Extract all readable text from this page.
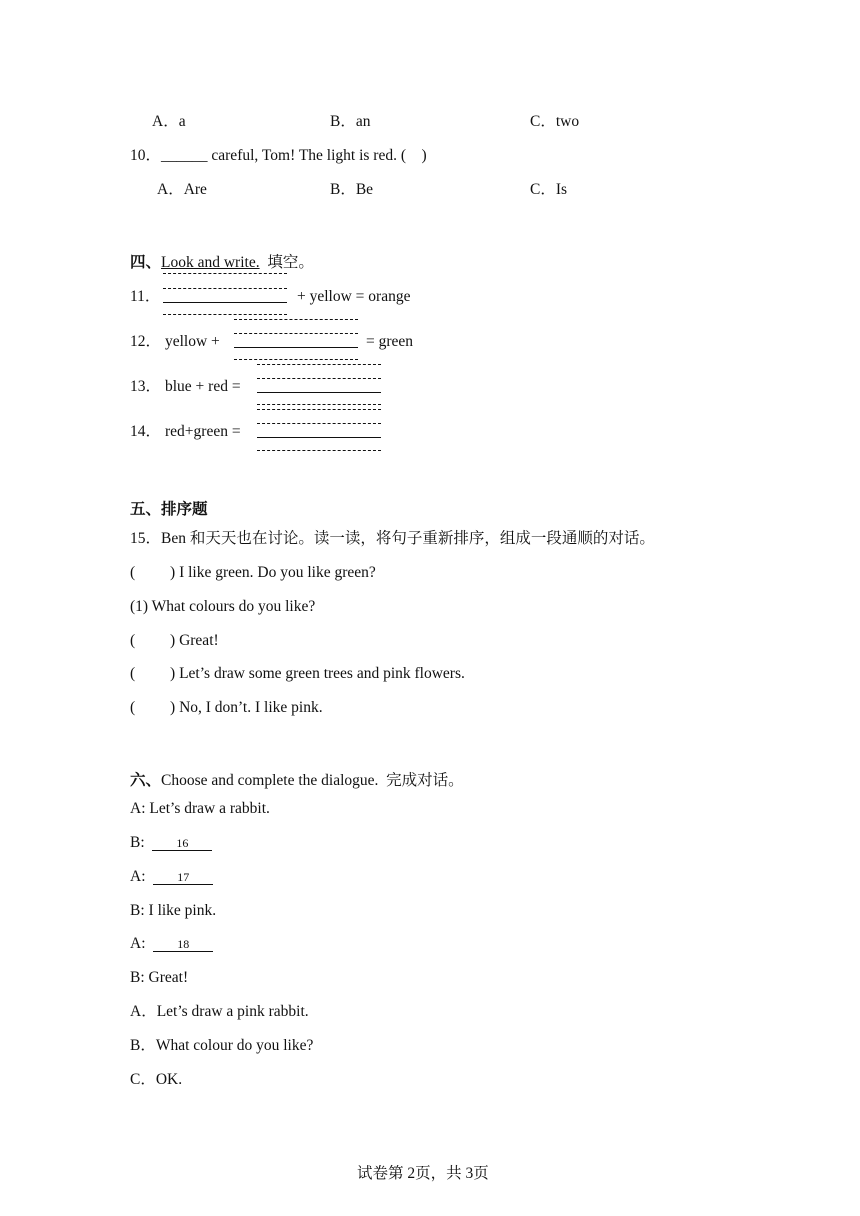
A．a	B．an	C．two
10．______ careful, Tom! The light is red. (　)
A．Are	B．Be	C．Is
四、Look and write. 填空。
11．	+ yellow = orange
12． yellow +	= green
13． blue + red =
14． red+green =
五、排序题
15．Ben 和天天也在讨论。读一读，将句子重新排序，组成一段通顺的对话。
(　　 ) I like green. Do you like green?
(1) What colours do you like?
(　　 ) Great!
(　　 ) Let’s draw some green trees and pink flowers.
(　　 ) No, I don’t. I like pink.
六、Choose and complete the dialogue. 完成对话。
A: Let’s draw a rabbit.
B:	16
A:	17
B: I like pink.
A:	18
B: Great!
A．Let’s draw a pink rabbit.
B．What colour do you like?
C．OK.
试卷第 2页，共 3页
